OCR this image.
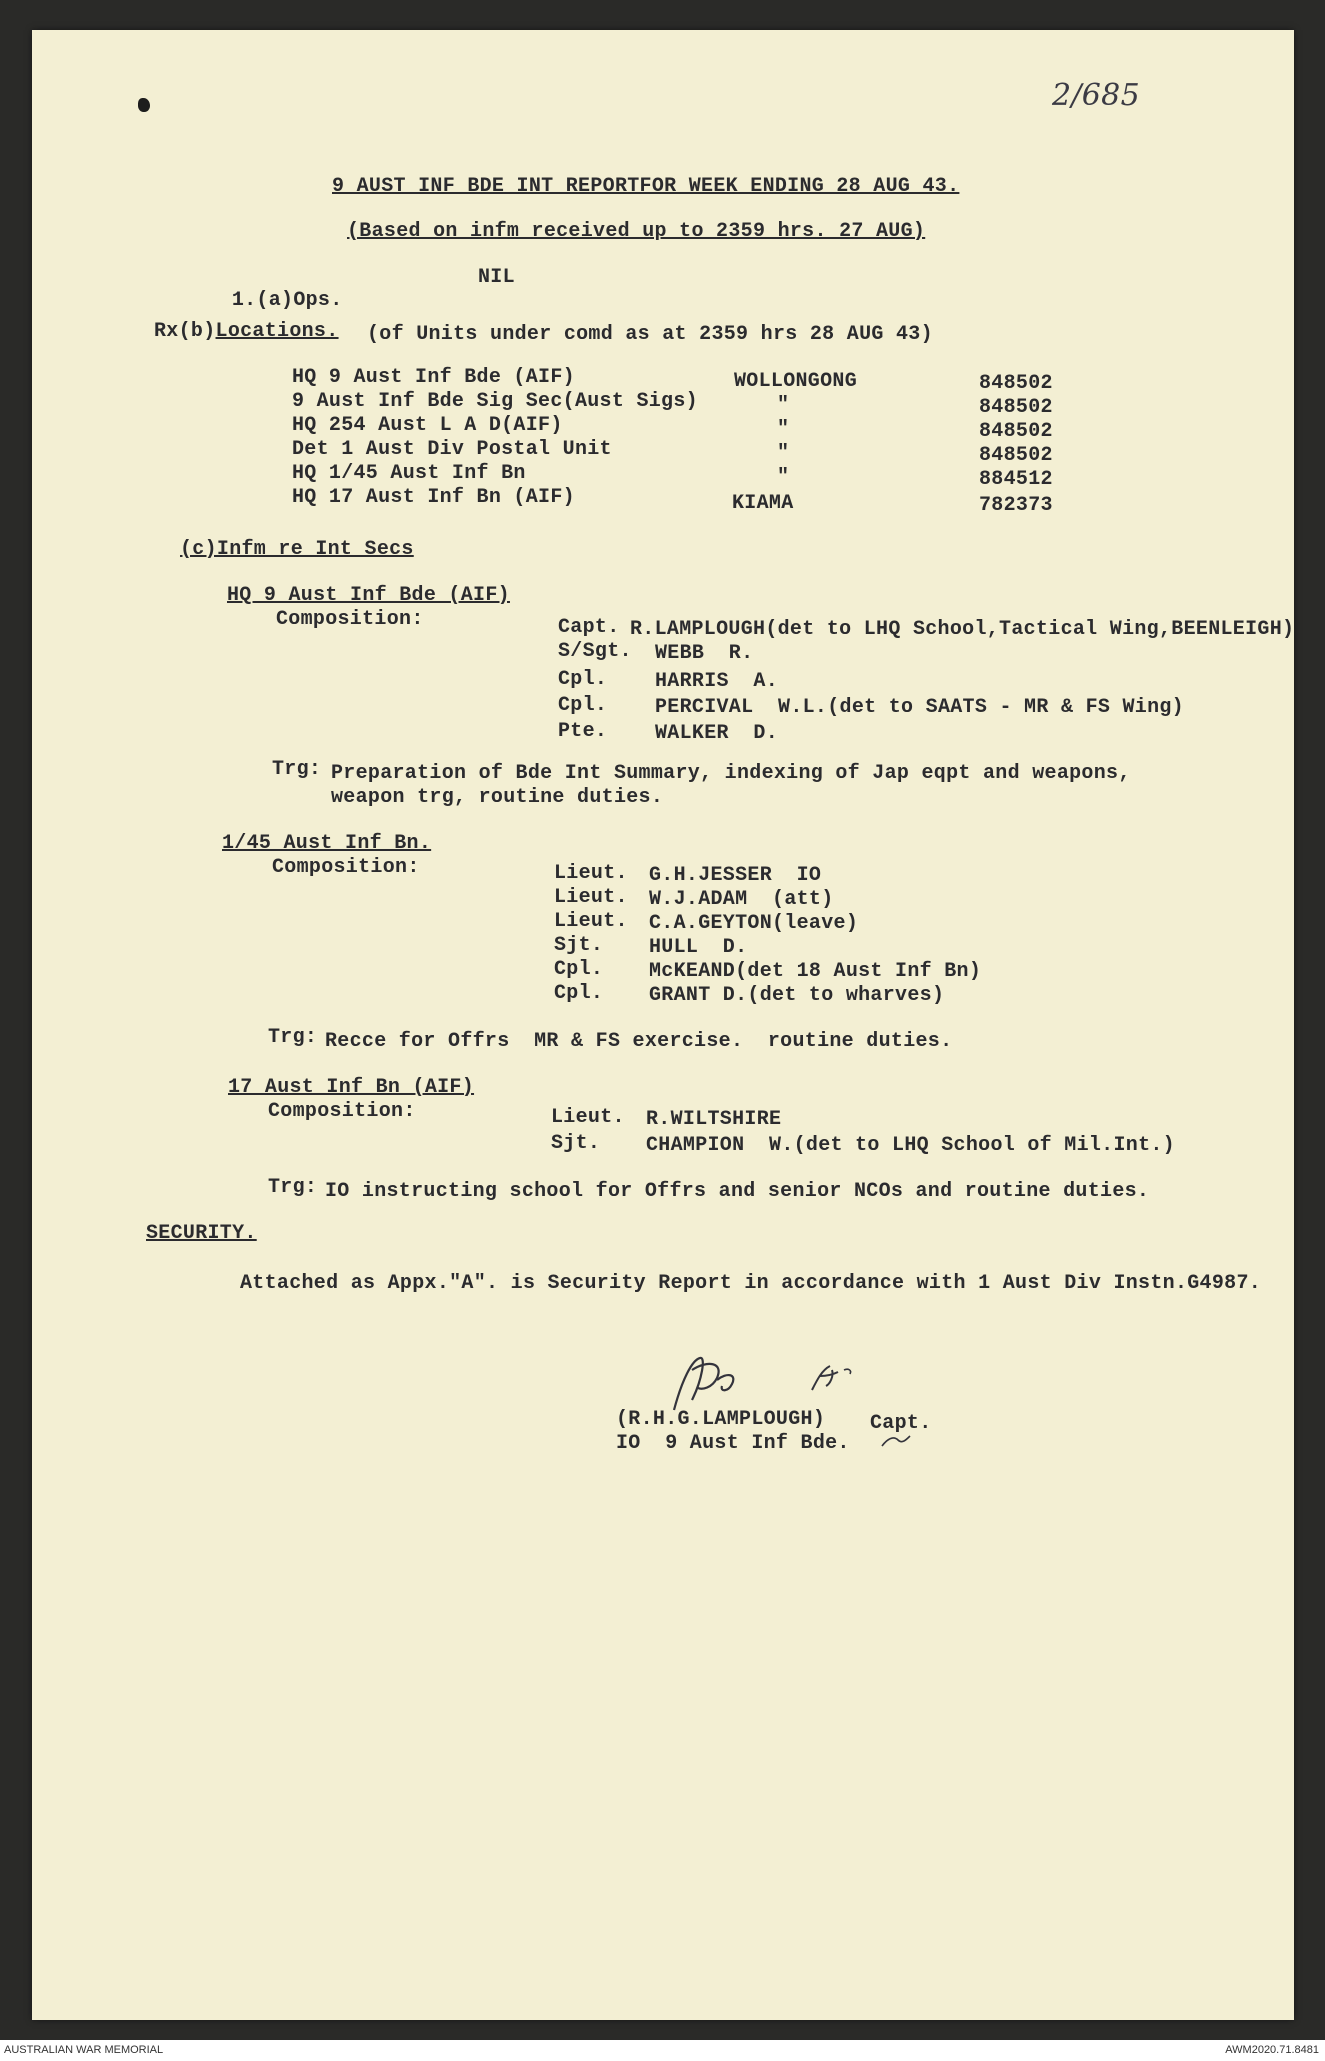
2/685
9 AUST INF BDE INT REPORTFOR WEEK ENDING 28 AUG 43.
(Based on infm received up to 2359 hrs. 27 AUG)

1.(a)Ops.

NIL
Rx(b)Locations. (of Units under comd as at 2359 hrs 28 AUG 43)
HQ 9 Aust Inf Bde (AIF)	WOLLONGONG	848502
9 Aust Inf Bde Sig Sec(Aust Sigs)	"	848502
HQ 254 Aust L A D(AIF)	"	848502
Det 1 Aust Div Postal Unit	"	848502
HQ 1/45 Aust Inf Bn	"	884512
HQ 17 Aust Inf Bn (AIF)	KIAMA	782373
(c)Infm re Int Secs
HQ 9 Aust Inf Bde (AIF)
Composition:	Capt. R.LAMPLOUGH(det to LHQ School,Tactical Wing,BEENLEIGH)
S/Sgt. WEBB  R.
Cpl. HARRIS  A.
Cpl. PERCIVAL  W.L.(det to SAATS - MR & FS Wing)
Pte. WALKER  D.
Trg: Preparation of Bde Int Summary, indexing of Jap eqpt and weapons,
weapon trg, routine duties.
1/45 Aust Inf Bn.
Composition:	Lieut. G.H.JESSER  IO
Lieut. W.J.ADAM  (att)
Lieut. C.A.GEYTON(leave)
Sjt. HULL  D.
Cpl. McKEAND(det 18 Aust Inf Bn)
Cpl. GRANT D.(det to wharves)
Trg: Recce for Offrs  MR & FS exercise.  routine duties.
17 Aust Inf Bn (AIF)
Composition:	Lieut. R.WILTSHIRE
Sjt. CHAMPION  W.(det to LHQ School of Mil.Int.)
Trg: IO instructing school for Offrs and senior NCOs and routine duties.
SECURITY.
Attached as Appx."A". is Security Report in accordance with 1 Aust Div Instn.G4987.
(R.H.G.LAMPLOUGH) Capt.
IO  9 Aust Inf Bde.
AUSTRALIAN WAR MEMORIAL	AWM2020.71.8481
